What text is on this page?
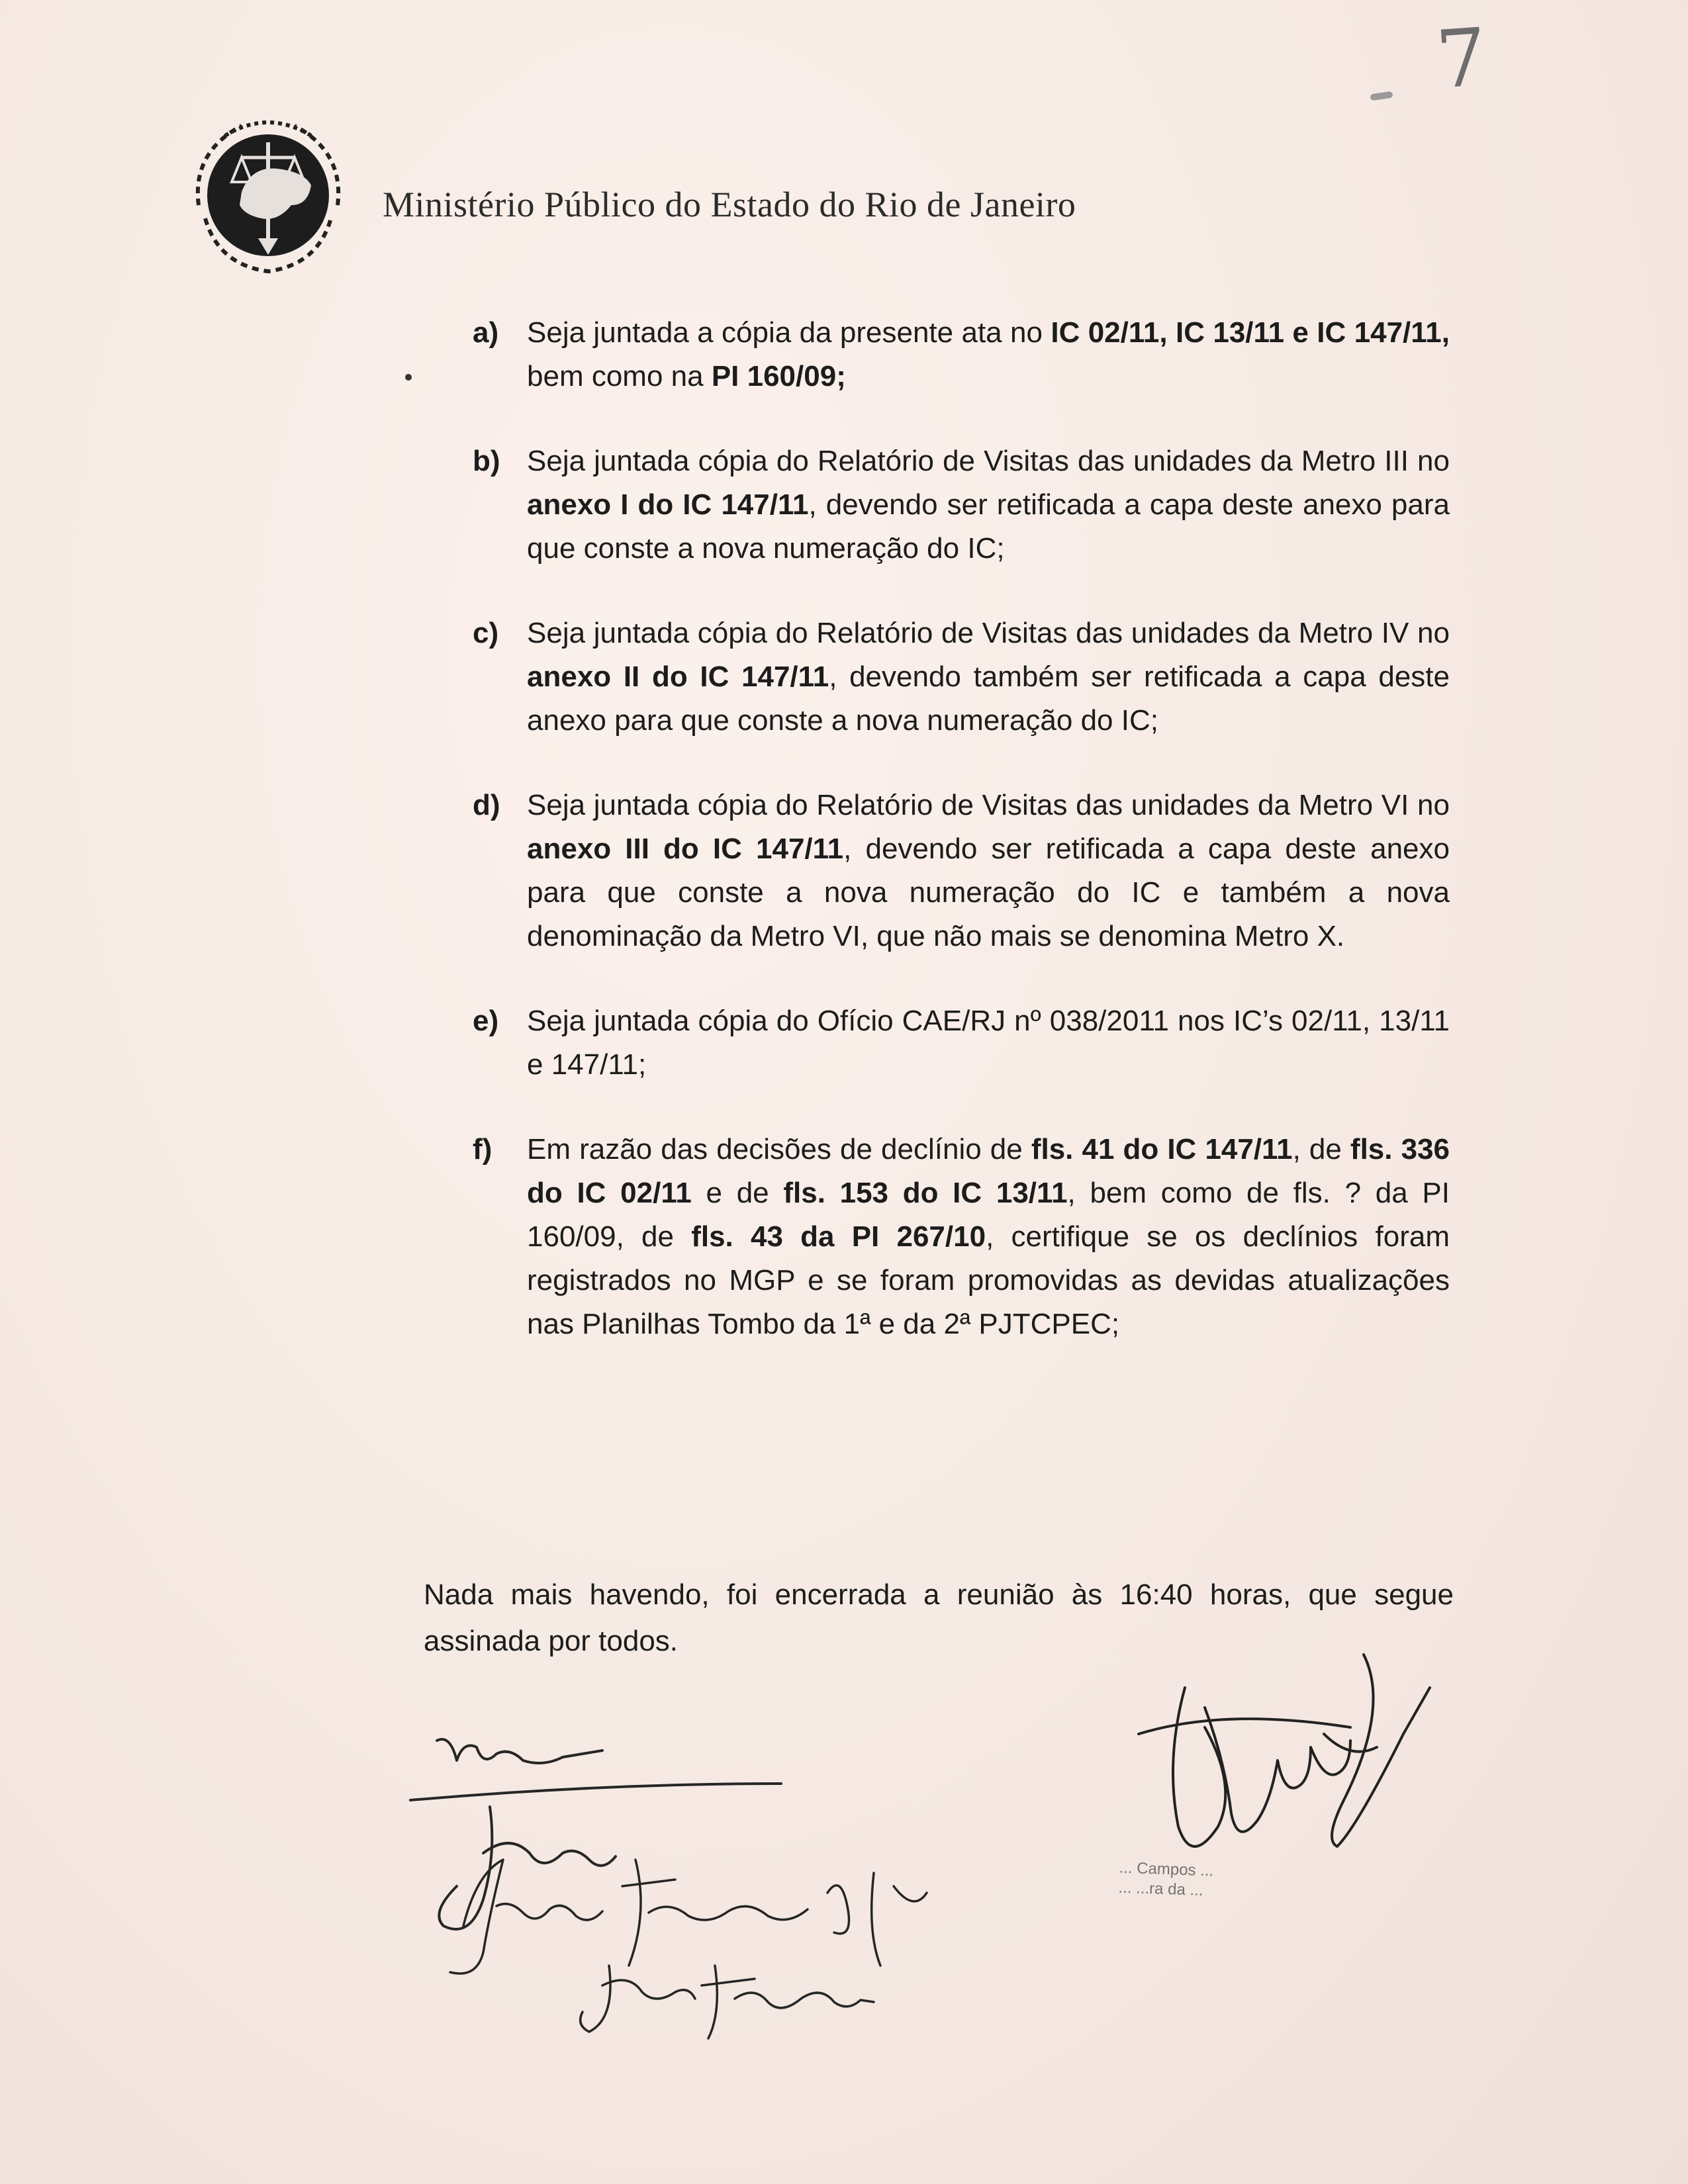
7
Ministério Público do Estado do Rio de Janeiro
a) Seja juntada a cópia da presente ata no IC 02/11, IC 13/11 e IC 147/11, bem como na PI 160/09;
b) Seja juntada cópia do Relatório de Visitas das unidades da Metro III no anexo I do IC 147/11, devendo ser retificada a capa deste anexo para que conste a nova numeração do IC;
c) Seja juntada cópia do Relatório de Visitas das unidades da Metro IV no anexo II do IC 147/11, devendo também ser retificada a capa deste anexo para que conste a nova numeração do IC;
d) Seja juntada cópia do Relatório de Visitas das unidades da Metro VI no anexo III do IC 147/11, devendo ser retificada a capa deste anexo para que conste a nova numeração do IC e também a nova denominação da Metro VI, que não mais se denomina Metro X.
e) Seja juntada cópia do Ofício CAE/RJ nº 038/2011 nos IC’s 02/11, 13/11 e 147/11;
f) Em razão das decisões de declínio de fls. 41 do IC 147/11, de fls. 336 do IC 02/11 e de fls. 153 do IC 13/11, bem como de fls. ? da PI 160/09, de fls. 43 da PI 267/10, certifique se os declínios foram registrados no MGP e se foram promovidas as devidas atualizações nas Planilhas Tombo da 1ª e da 2ª PJTCPEC;
Nada mais havendo, foi encerrada a reunião às 16:40 horas, que segue assinada por todos.
... Campos ...
... ...ra da ...
